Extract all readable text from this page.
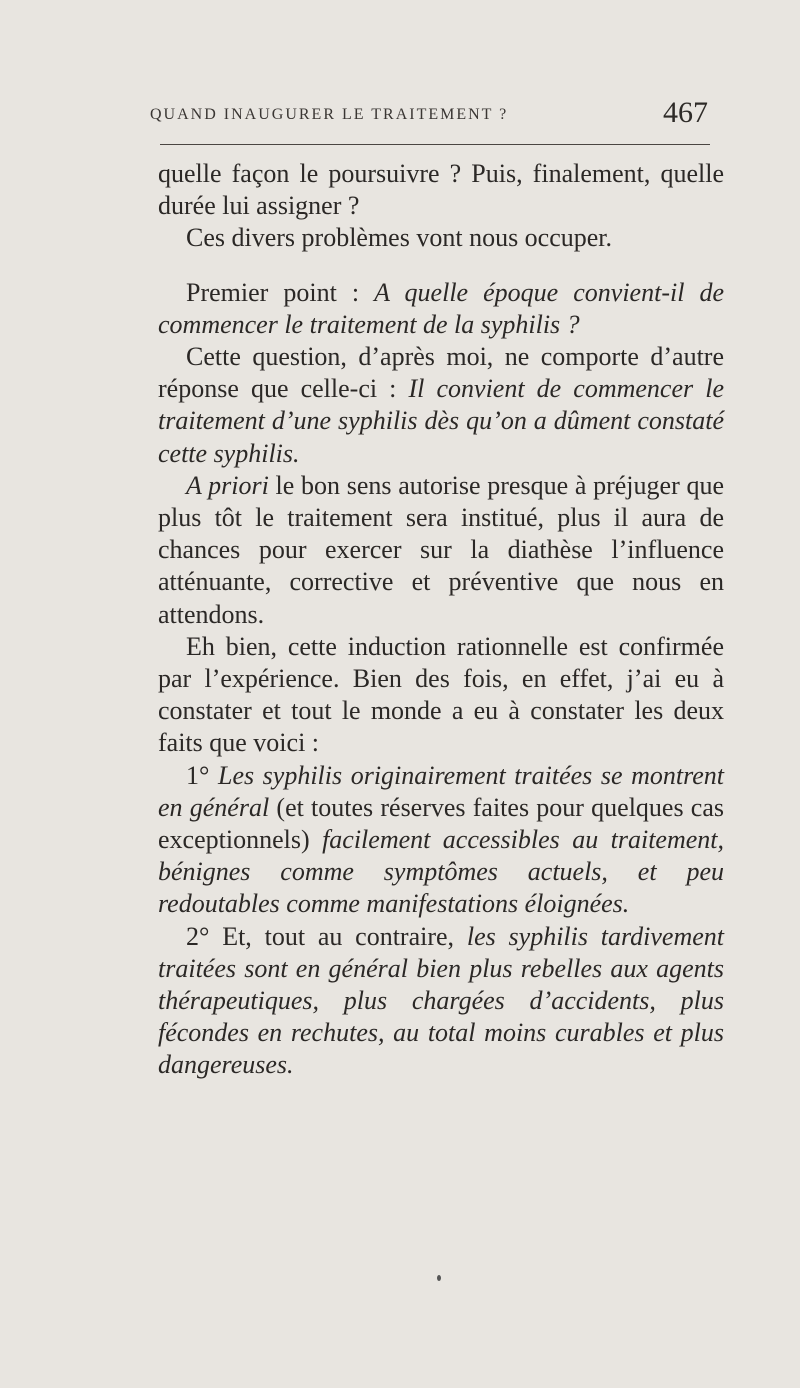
QUAND INAUGURER LE TRAITEMENT ?	467

quelle façon le poursuivre ? Puis, finalement, quelle durée lui assigner ?

Ces divers problèmes vont nous occuper.

Premier point : A quelle époque convient-il de commencer le traitement de la syphilis ?

Cette question, d’après moi, ne comporte d’autre réponse que celle-ci : Il convient de commencer le traitement d’une syphilis dès qu’on a dûment constaté cette syphilis.

A priori le bon sens autorise presque à préjuger que plus tôt le traitement sera institué, plus il aura de chances pour exercer sur la diathèse l’influence atténuante, corrective et préventive que nous en attendons.

Eh bien, cette induction rationnelle est confirmée par l’expérience. Bien des fois, en effet, j’ai eu à constater et tout le monde a eu à constater les deux faits que voici :

1° Les syphilis originairement traitées se montrent en général (et toutes réserves faites pour quelques cas exceptionnels) facilement accessibles au traitement, bénignes comme symptômes actuels, et peu redoutables comme manifestations éloignées.

2° Et, tout au contraire, les syphilis tardivement traitées sont en général bien plus rebelles aux agents thérapeutiques, plus chargées d’accidents, plus fécondes en rechutes, au total moins curables et plus dangereuses.
